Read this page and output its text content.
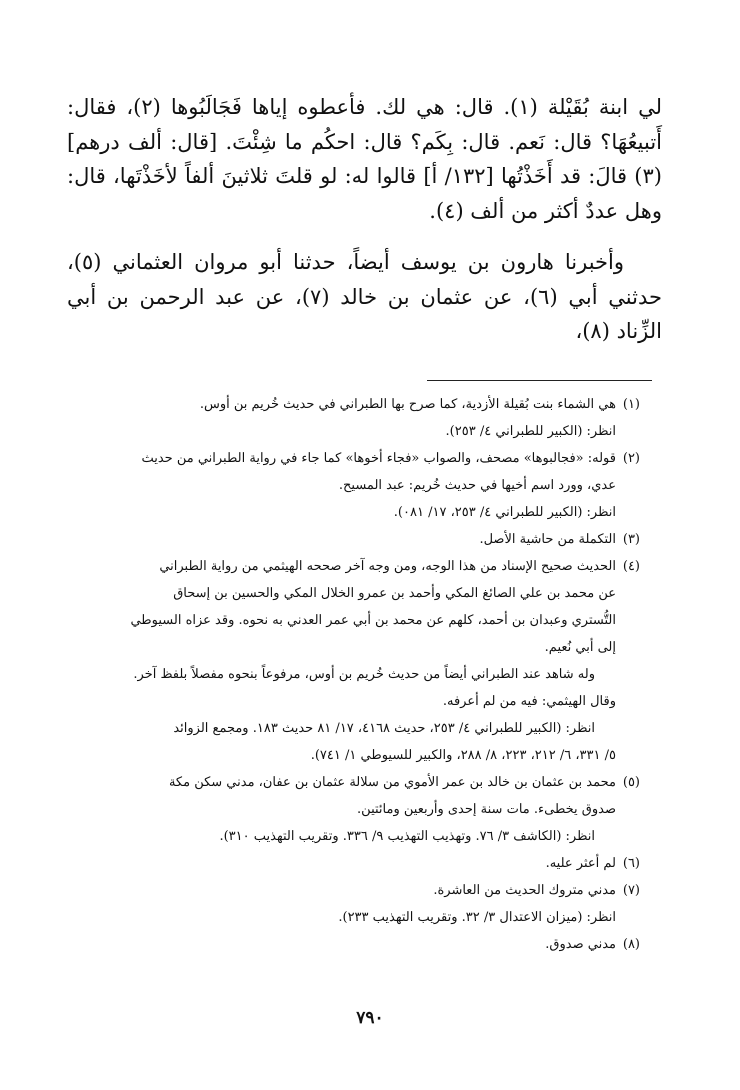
لي ابنة بُقَيْلة (١). قال: هي لك. فأعطوه إياها فَجَالَبُوها (٢)، فقال: أَتبيعُهَا؟ قال: نَعم. قال: بِكَم؟ قال: احكُم ما شِئْتَ. [قال: ألف درهم] (٣) قالَ: قد أَخَذْتُها [١٣٢/ أ] قالوا له: لو قلتَ ثلاثينَ ألفاً لأخَذْتَها، قال: وهل عددٌ أكثر من ألف (٤).

وأخبرنا هارون بن يوسف أيضاً، حدثنا أبو مروان العثماني (٥)، حدثني أبي (٦)، عن عثمان بن خالد (٧)، عن عبد الرحمن بن أبي الزِّناد (٨)،

(١)هي الشماء بنت بُقيلة الأزدية، كما صرح بها الطبراني في حديث خُريم بن أوس.
انظر: (الكبير للطبراني ٤/ ٢٥٣).
(٢)قوله: «فجالبوها» مصحف، والصواب «فجاء أخوها» كما جاء في رواية الطبراني من حديث
عدي، وورد اسم أخيها في حديث خُريم: عبد المسيح.
انظر: (الكبير للطبراني ٤/ ٢٥٣، ١٧/ ٠٨١).
(٣)التكملة من حاشية الأصل.
(٤)الحديث صحيح الإسناد من هذا الوجه، ومن وجه آخر صححه الهيثمي من رواية الطبراني
عن محمد بن علي الصائغ المكي وأحمد بن عمرو الخلال المكي والحسين بن إسحاق
التُّستري وعبدان بن أحمد، كلهم عن محمد بن أبي عمر العدني به نحوه. وقد عزاه السيوطي
إلى أبي نُعيم.
وله شاهد عند الطبراني أيضاً من حديث خُريم بن أوس، مرفوعاً بنحوه مفصلاً بلفظ آخر.
وقال الهيثمي: فيه من لم أعرفه.
انظر: (الكبير للطبراني ٤/ ٢٥٣، حديث ٤١٦٨، ١٧/ ٨١ حديث ١٨٣. ومجمع الزوائد
٥/ ٣٣١، ٦/ ٢١٢، ٢٢٣، ٨/ ٢٨٨، والكبير للسيوطي ١/ ٧٤١).
(٥)محمد بن عثمان بن خالد بن عمر الأموي من سلالة عثمان بن عفان، مدني سكن مكة
صدوق يخطىء. مات سنة إحدى وأربعين ومائتين.
انظر: (الكاشف ٣/ ٧٦. وتهذيب التهذيب ٩/ ٣٣٦. وتقريب التهذيب ٣١٠).
(٦)لم أعثر عليه.
(٧)مدني متروك الحديث من العاشرة.
انظر: (ميزان الاعتدال ٣/ ٣٢. وتقريب التهذيب ٢٣٣).
(٨)مدني صدوق.
٧٩٠
